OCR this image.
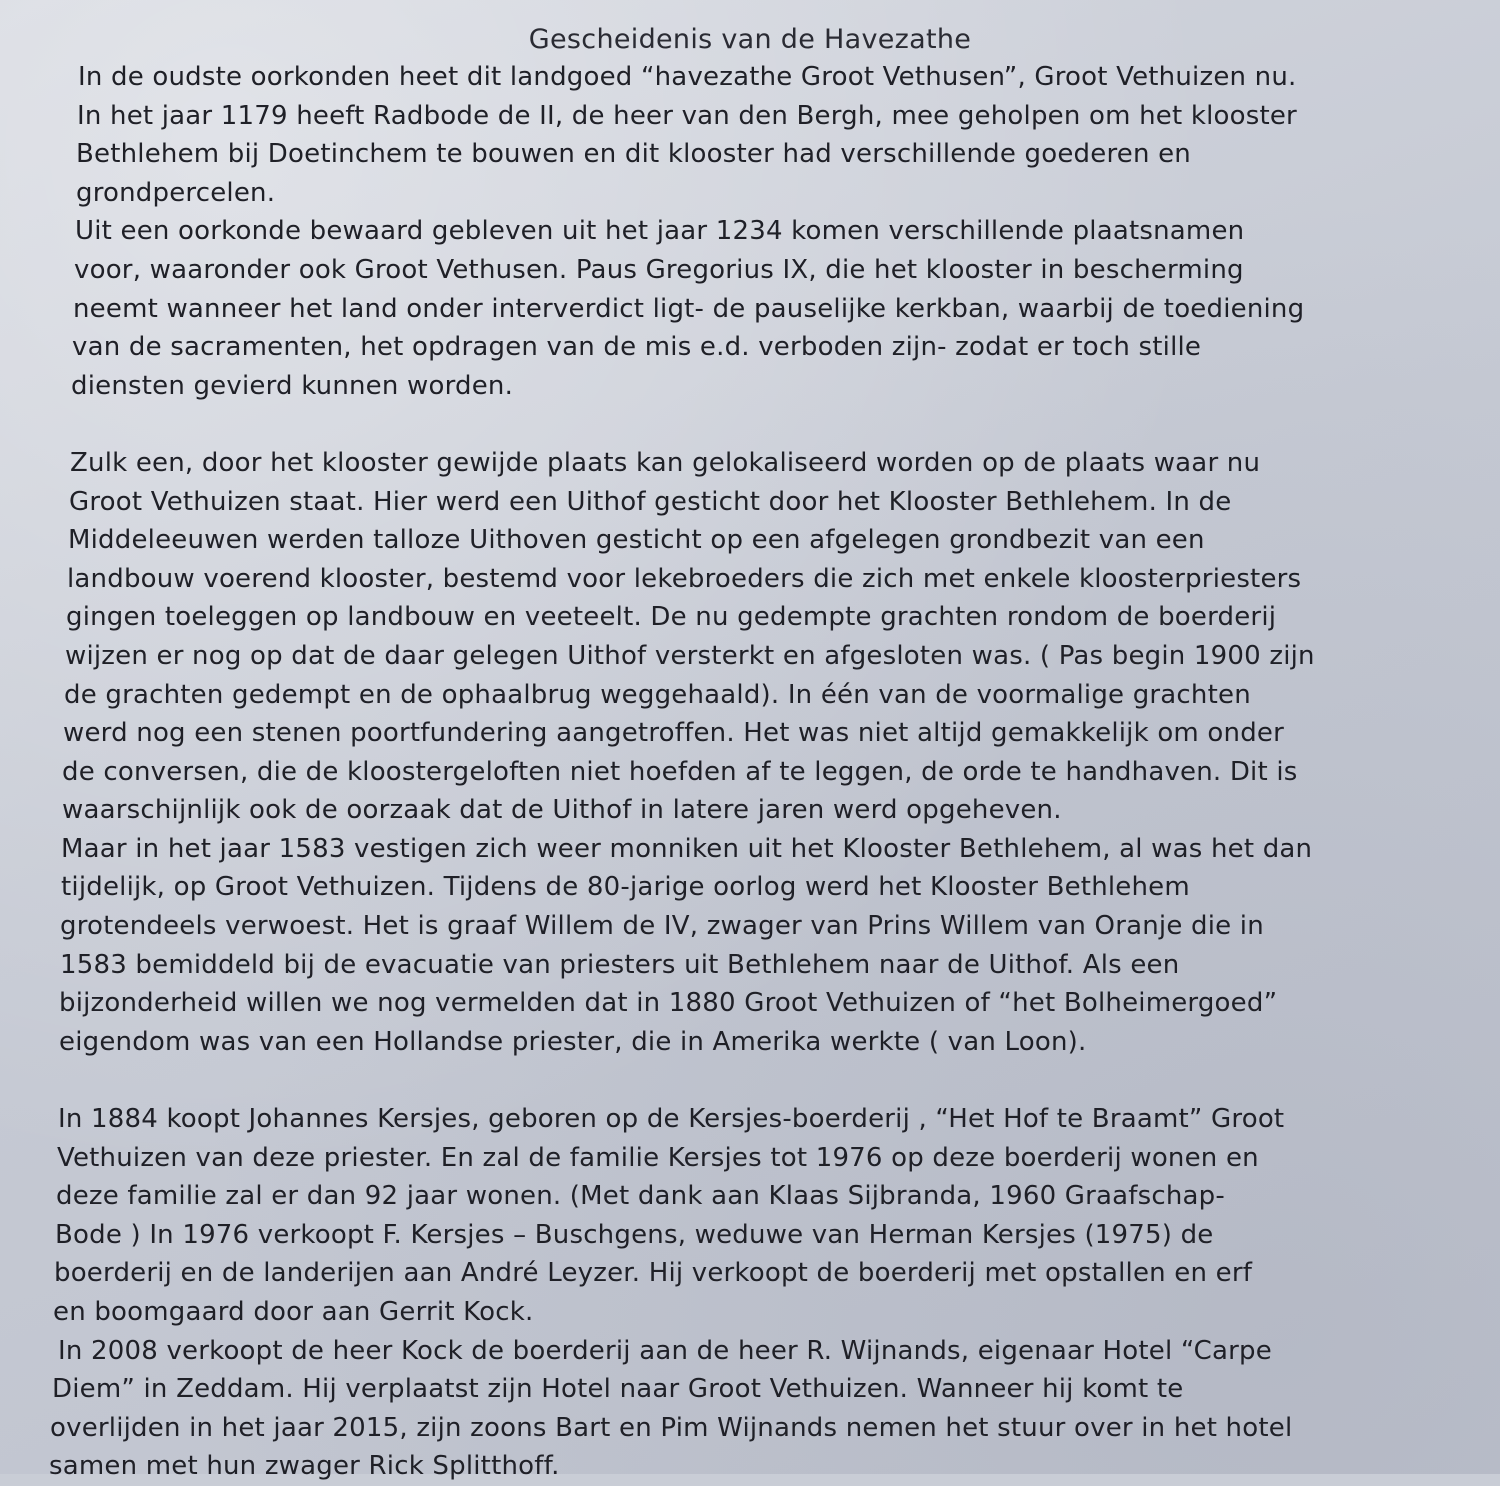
Gescheidenis van de Havezathe
In de oudste oorkonden heet dit landgoed “havezathe Groot Vethusen”, Groot Vethuizen nu.
In het jaar 1179 heeft Radbode de II, de heer van den Bergh, mee geholpen om het klooster
Bethlehem bij Doetinchem te bouwen en dit klooster had verschillende goederen en
grondpercelen.
Uit een oorkonde bewaard gebleven uit het jaar 1234 komen verschillende plaatsnamen
voor, waaronder ook Groot Vethusen. Paus Gregorius IX, die het klooster in bescherming
neemt wanneer het land onder interverdict ligt- de pauselijke kerkban, waarbij de toediening
van de sacramenten, het opdragen van de mis e.d. verboden zijn- zodat er toch stille
diensten gevierd kunnen worden.
Zulk een, door het klooster gewijde plaats kan gelokaliseerd worden op de plaats waar nu
Groot Vethuizen staat. Hier werd een Uithof gesticht door het Klooster Bethlehem. In de
Middeleeuwen werden talloze Uithoven gesticht op een afgelegen grondbezit van een
landbouw voerend klooster, bestemd voor lekebroeders die zich met enkele kloosterpriesters
gingen toeleggen op landbouw en veeteelt. De nu gedempte grachten rondom de boerderij
wijzen er nog op dat de daar gelegen Uithof versterkt en afgesloten was. ( Pas begin 1900 zijn
de grachten gedempt en de ophaalbrug weggehaald). In één van de voormalige grachten
werd nog een stenen poortfundering aangetroffen. Het was niet altijd gemakkelijk om onder
de conversen, die de kloostergeloften niet hoefden af te leggen, de orde te handhaven. Dit is
waarschijnlijk ook de oorzaak dat de Uithof in latere jaren werd opgeheven.
Maar in het jaar 1583 vestigen zich weer monniken uit het Klooster Bethlehem, al was het dan
tijdelijk, op Groot Vethuizen. Tijdens de 80-jarige oorlog werd het Klooster Bethlehem
grotendeels verwoest. Het is graaf Willem de IV, zwager van Prins Willem van Oranje die in
1583 bemiddeld bij de evacuatie van priesters uit Bethlehem naar de Uithof. Als een
bijzonderheid willen we nog vermelden dat in 1880 Groot Vethuizen of “het Bolheimergoed”
eigendom was van een Hollandse priester, die in Amerika werkte ( van Loon).
In 1884 koopt Johannes Kersjes, geboren op de Kersjes-boerderij , “Het Hof te Braamt” Groot
Vethuizen van deze priester. En zal de familie Kersjes tot 1976 op deze boerderij wonen en
deze familie zal er dan 92 jaar wonen. (Met dank aan Klaas Sijbranda, 1960 Graafschap-
Bode ) In 1976 verkoopt F. Kersjes – Buschgens, weduwe van Herman Kersjes (1975) de
boerderij en de landerijen aan André Leyzer. Hij verkoopt de boerderij met opstallen en erf
en boomgaard door aan Gerrit Kock.
In 2008 verkoopt de heer Kock de boerderij aan de heer R. Wijnands, eigenaar Hotel “Carpe
Diem” in Zeddam. Hij verplaatst zijn Hotel naar Groot Vethuizen. Wanneer hij komt te
overlijden in het jaar 2015, zijn zoons Bart en Pim Wijnands nemen het stuur over in het hotel
samen met hun zwager Rick Splitthoff.
